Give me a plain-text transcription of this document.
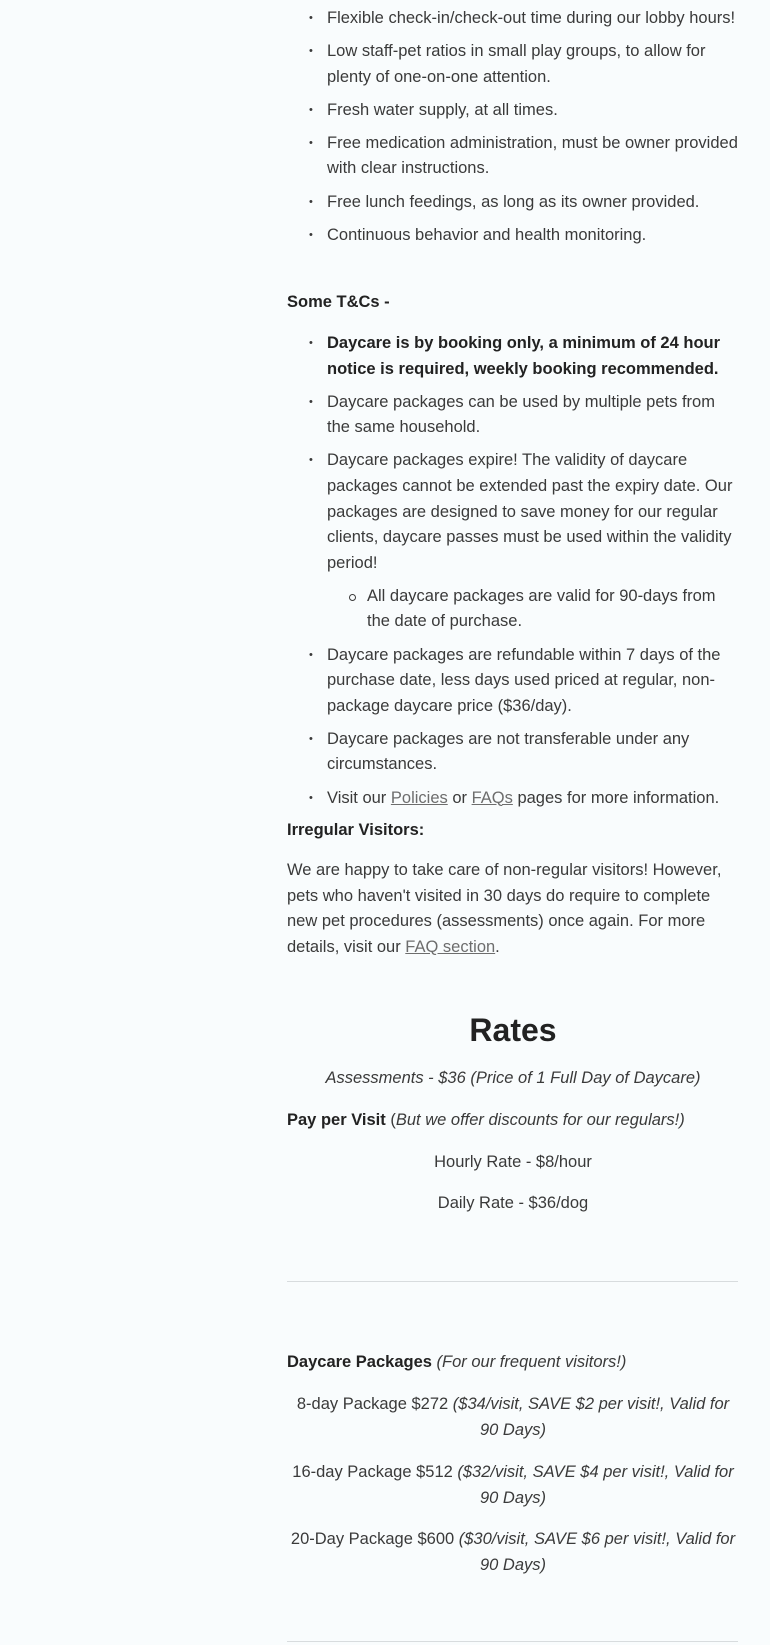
• Flexible check-in/check-out time during our lobby hours!
• Low staff-pet ratios in small play groups, to allow for plenty of one-on-one attention.
• Fresh water supply, at all times.
• Free medication administration, must be owner provided with clear instructions.
• Free lunch feedings, as long as its owner provided.
• Continuous behavior and health monitoring.
Some T&Cs -
• Daycare is by booking only, a minimum of 24 hour notice is required, weekly booking recommended.
• Daycare packages can be used by multiple pets from the same household.
• Daycare packages expire! The validity of daycare packages cannot be extended past the expiry date. Our packages are designed to save money for our regular clients, daycare passes must be used within the validity period!
All daycare packages are valid for 90-days from the date of purchase.
• Daycare packages are refundable within 7 days of the purchase date, less days used priced at regular, non-package daycare price ($36/day).
• Daycare packages are not transferable under any circumstances.
• Visit our Policies or FAQs pages for more information.
Irregular Visitors:

We are happy to take care of non-regular visitors! However, pets who haven't visited in 30 days do require to complete new pet procedures (assessments) once again. For more details, visit our FAQ section.

Rates
Assessments - $36 (Price of 1 Full Day of Daycare)
Pay per Visit (But we offer discounts for our regulars!)
Hourly Rate - $8/hour
Daily Rate - $36/dog
Daycare Packages (For our frequent visitors!)
8-day Package $272 ($34/visit, SAVE $2 per visit!, Valid for 90 Days)
16-day Package $512 ($32/visit, SAVE $4 per visit!, Valid for 90 Days)
20-Day Package $600 ($30/visit, SAVE $6 per visit!, Valid for 90 Days)
